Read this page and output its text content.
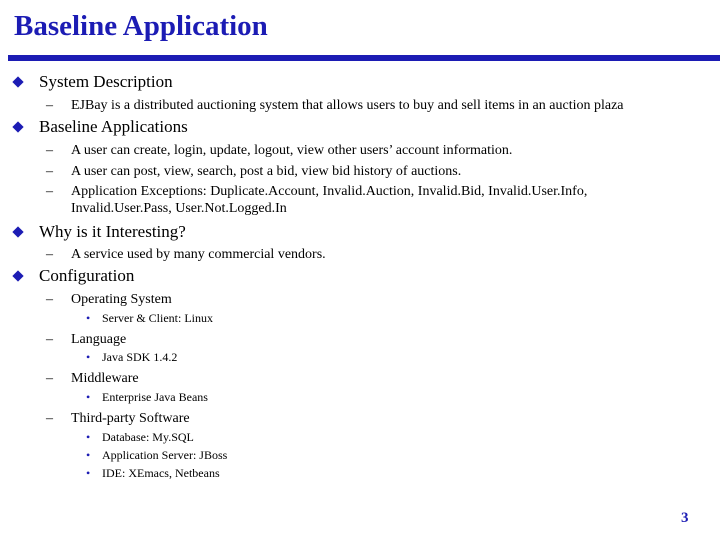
Baseline Application
System Description
– EJBay is a distributed auctioning system that allows users to buy and sell items in an auction plaza
Baseline Applications
– A user can create, login, update, logout, view other users’ account information.
– A user can post, view, search, post a bid, view bid history of auctions.
– Application Exceptions: Duplicate.Account, Invalid.Auction, Invalid.Bid, Invalid.User.Info, Invalid.User.Pass, User.Not.Logged.In
Why is it Interesting?
– A service used by many commercial vendors.
Configuration
– Operating System
• Server & Client: Linux
– Language
• Java SDK 1.4.2
– Middleware
• Enterprise Java Beans
– Third-party Software
• Database: My.SQL
• Application Server: JBoss
• IDE: XEmacs, Netbeans
3
